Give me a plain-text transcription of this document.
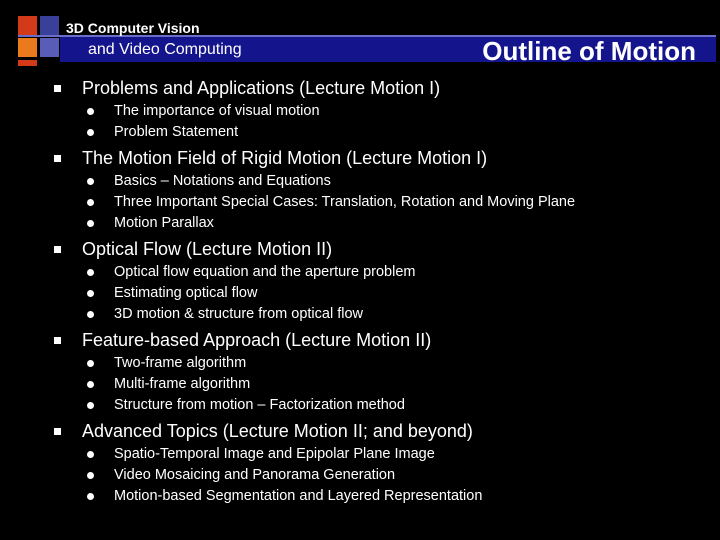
3D Computer Vision
and Video Computing	Outline of Motion
Problems and Applications (Lecture Motion I)
The importance of visual motion
Problem Statement
The Motion Field of Rigid Motion (Lecture Motion I)
Basics – Notations and Equations
Three Important Special Cases: Translation, Rotation and Moving Plane
Motion Parallax
Optical Flow (Lecture Motion II)
Optical flow equation and the aperture problem
Estimating optical flow
3D motion & structure from optical flow
Feature-based Approach (Lecture Motion II)
Two-frame algorithm
Multi-frame algorithm
Structure from motion – Factorization method
Advanced Topics (Lecture Motion II; and beyond)
Spatio-Temporal Image and Epipolar Plane Image
Video Mosaicing and Panorama Generation
Motion-based Segmentation and Layered Representation
